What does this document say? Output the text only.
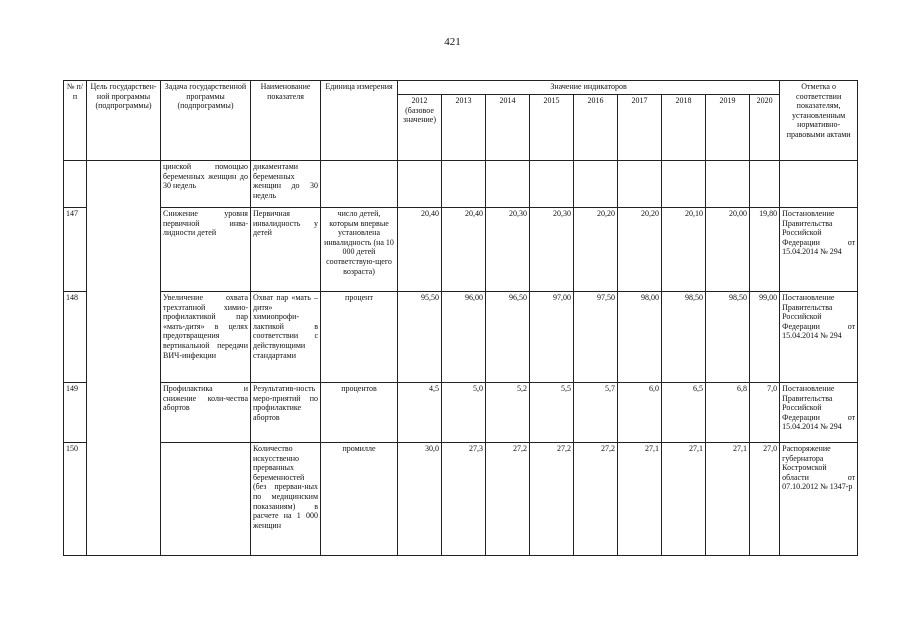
421
№ п/п	Цель государствен-ной программы (подпрограммы)	Задача государственной программы (подпрограммы)	Наименование показателя	Единица измерения	Значение индикаторов									Отметка о соответствии показателям, установленным нормативно-правовыми актами
					2012 (базовое значение)	2013	2014	2015	2016	2017	2018	2019	2020	
		цинской помощью беременных женщин до 30 недель	дикаментами беременных женщин до 30 недель											
147		Снижение уровня первичной инва-лидности детей	Первичная инвалидность у детей	число детей, которым впервые установлена инвалидность (на 10 000 детей соответствую-щего возраста)	20,40	20,40	20,30	20,30	20,20	20,20	20,10	20,00	19,80	Постановление Правительства Российской Федерации от 15.04.2014 № 294
148		Увеличение охвата трехэтапной химио-профилактикой пар «мать-дитя» в целях предотвращения вертикальной передачи ВИЧ-инфекции	Охват пар «мать – дитя» химиопрофи-лактикой в соответствии с действующими стандартами	процент	95,50	96,00	96,50	97,00	97,50	98,00	98,50	98,50	99,00	Постановление Правительства Российской Федерации от 15.04.2014 № 294
149		Профилактика и снижение коли-чества абортов	Результатив-ность меро-приятий по профилактике абортов	процентов	4,5	5,0	5,2	5,5	5,7	6,0	6,5	6,8	7,0	Постановление Правительства Российской Федерации от 15.04.2014 № 294
150			Количество искусственно прерванных беременностей (без прерван-ных по медицинским показаниям) в расчете на 1 000 женщин	промилле	30,0	27,3	27,2	27,2	27,2	27,1	27,1	27,1	27,0	Распоряжение губернатора Костромской области от 07.10.2012 № 1347-р
